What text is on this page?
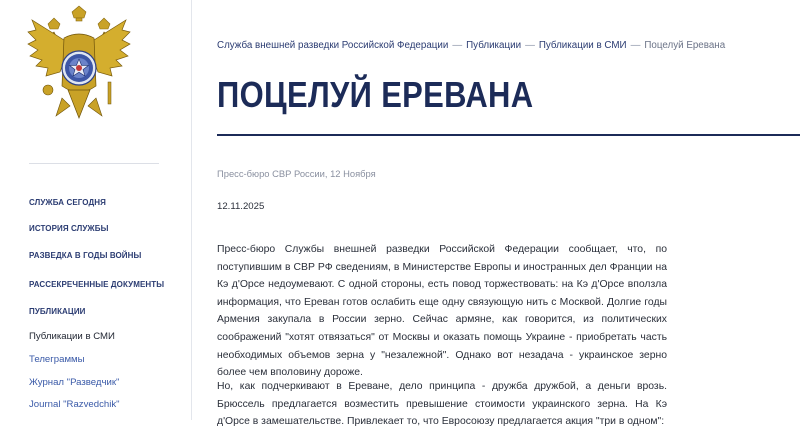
СЛУЖБА СЕГОДНЯ
ИСТОРИЯ СЛУЖБЫ
РАЗВЕДКА В ГОДЫ ВОЙНЫ
РАССЕКРЕЧЕННЫЕ ДОКУМЕНТЫ
ПУБЛИКАЦИИ
Публикации в СМИ
Телеграммы
Журнал "Разведчик"
Journal "Razvedchik"
Служба внешней разведки Российской Федерации — Публикации — Публикации в СМИ — Поцелуй Еревана
ПОЦЕЛУЙ ЕРЕВАНА
Пресс-бюро СВР России, 12 Ноября
12.11.2025

Пресс-бюро Службы внешней разведки Российской Федерации сообщает, что, по поступившим в СВР РФ сведениям, в Министерстве Европы и иностранных дел Франции на Кэ д'Орсе недоумевают. С одной стороны, есть повод торжествовать: на Кэ д'Орсе вползла информация, что Ереван готов ослабить еще одну связующую нить с Москвой. Долгие годы Армения закупала в России зерно. Сейчас армяне, как говорится, из политических соображений "хотят отвязаться" от Москвы и оказать помощь Украине - приобретать часть необходимых объемов зерна у "незалежной". Однако вот незадача - украинское зерно более чем вполовину дороже.

Но, как подчеркивают в Ереване, дело принципа - дружба дружбой, а деньги врозь. Брюссель предлагается возместить превышение стоимости украинского зерна. На Кэ д'Орсе в замешательстве. Привлекает то, что Евросоюзу предлагается акция "три в одном":
